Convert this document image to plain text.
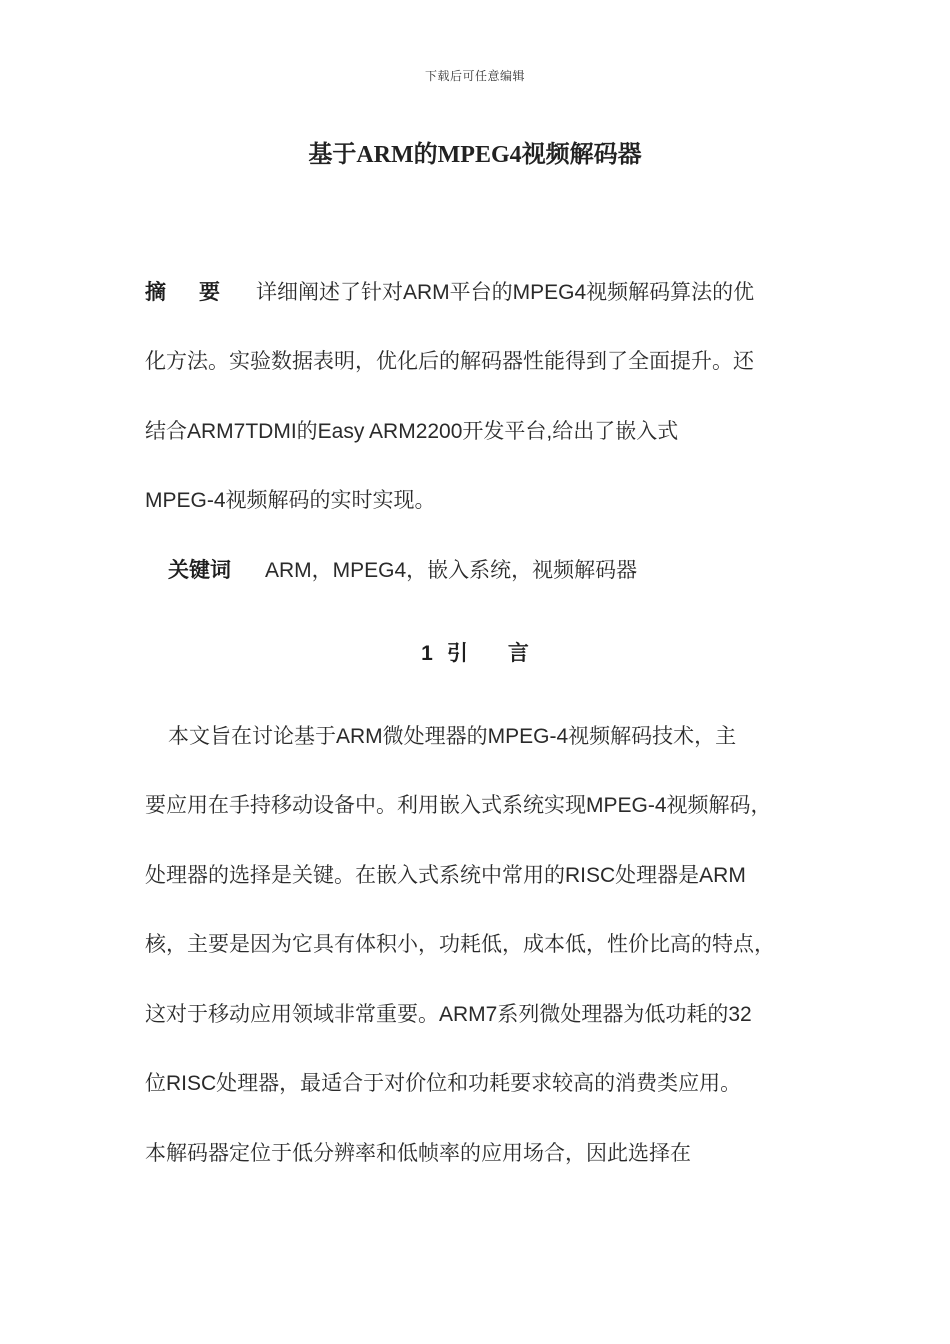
下载后可任意编辑
基于ARM的MPEG4视频解码器
摘 要 详细阐述了针对ARM平台的MPEG4视频解码算法的优
化方法。实验数据表明，优化后的解码器性能得到了全面提升。还
结合ARM7TDMI的Easy ARM2200开发平台,给出了嵌入式
MPEG-4视频解码的实时实现。
关键词 ARM，MPEG4，嵌入系统，视频解码器
1 引 言
本文旨在讨论基于ARM微处理器的MPEG-4视频解码技术，主
要应用在手持移动设备中。利用嵌入式系统实现MPEG-4视频解码，
处理器的选择是关键。在嵌入式系统中常用的RISC处理器是ARM
核，主要是因为它具有体积小，功耗低，成本低，性价比高的特点，
这对于移动应用领域非常重要。ARM7系列微处理器为低功耗的32
位RISC处理器，最适合于对价位和功耗要求较高的消费类应用。
本解码器定位于低分辨率和低帧率的应用场合，因此选择在
